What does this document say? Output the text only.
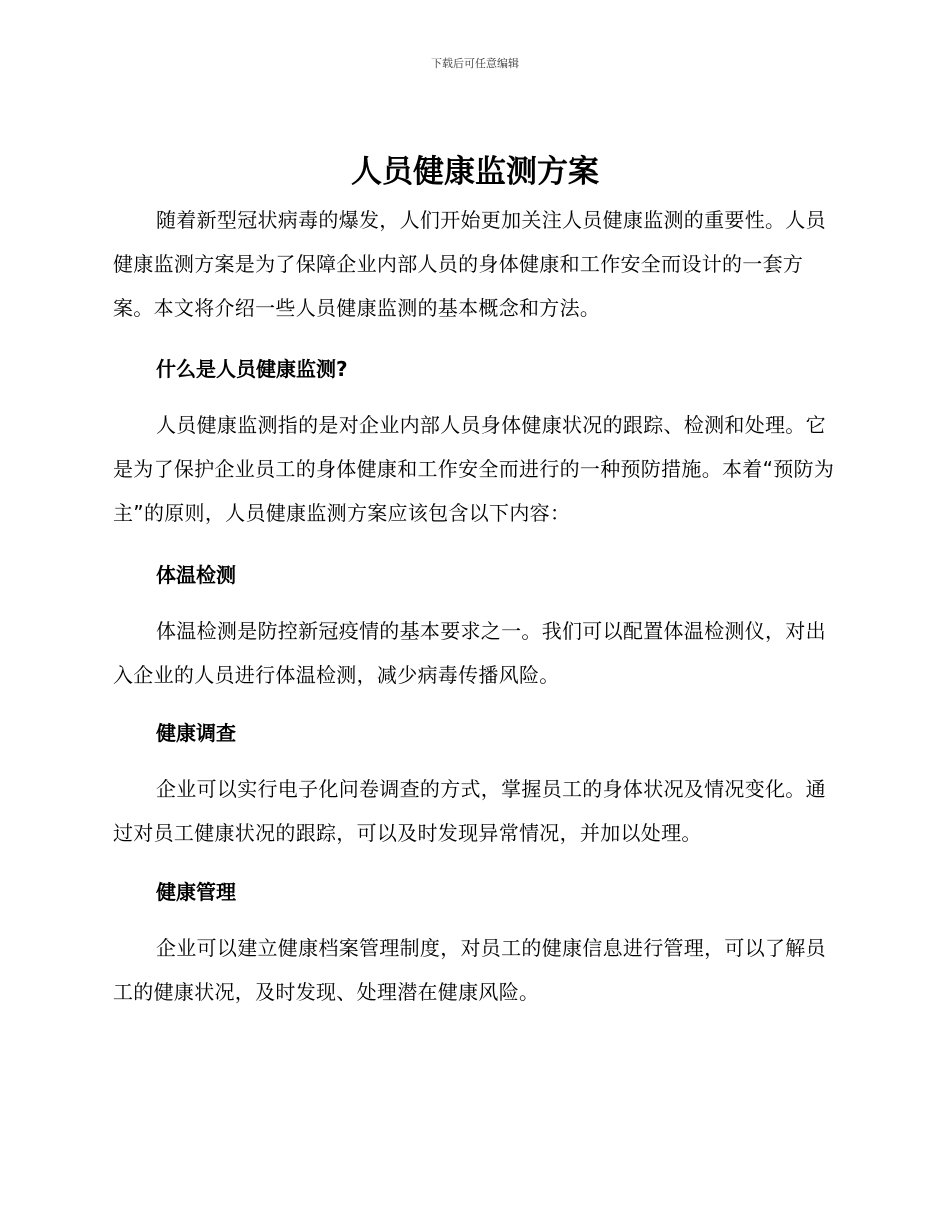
下载后可任意编辑
人员健康监测方案

随着新型冠状病毒的爆发，人们开始更加关注人员健康监测的重要性。人员健康监测方案是为了保障企业内部人员的身体健康和工作安全而设计的一套方案。本文将介绍一些人员健康监测的基本概念和方法。

什么是人员健康监测?

人员健康监测指的是对企业内部人员身体健康状况的跟踪、检测和处理。它是为了保护企业员工的身体健康和工作安全而进行的一种预防措施。本着“预防为主”的原则，人员健康监测方案应该包含以下内容：

体温检测

体温检测是防控新冠疫情的基本要求之一。我们可以配置体温检测仪，对出入企业的人员进行体温检测，减少病毒传播风险。

健康调查

企业可以实行电子化问卷调查的方式，掌握员工的身体状况及情况变化。通过对员工健康状况的跟踪，可以及时发现异常情况，并加以处理。

健康管理

企业可以建立健康档案管理制度，对员工的健康信息进行管理，可以了解员工的健康状况，及时发现、处理潜在健康风险。
